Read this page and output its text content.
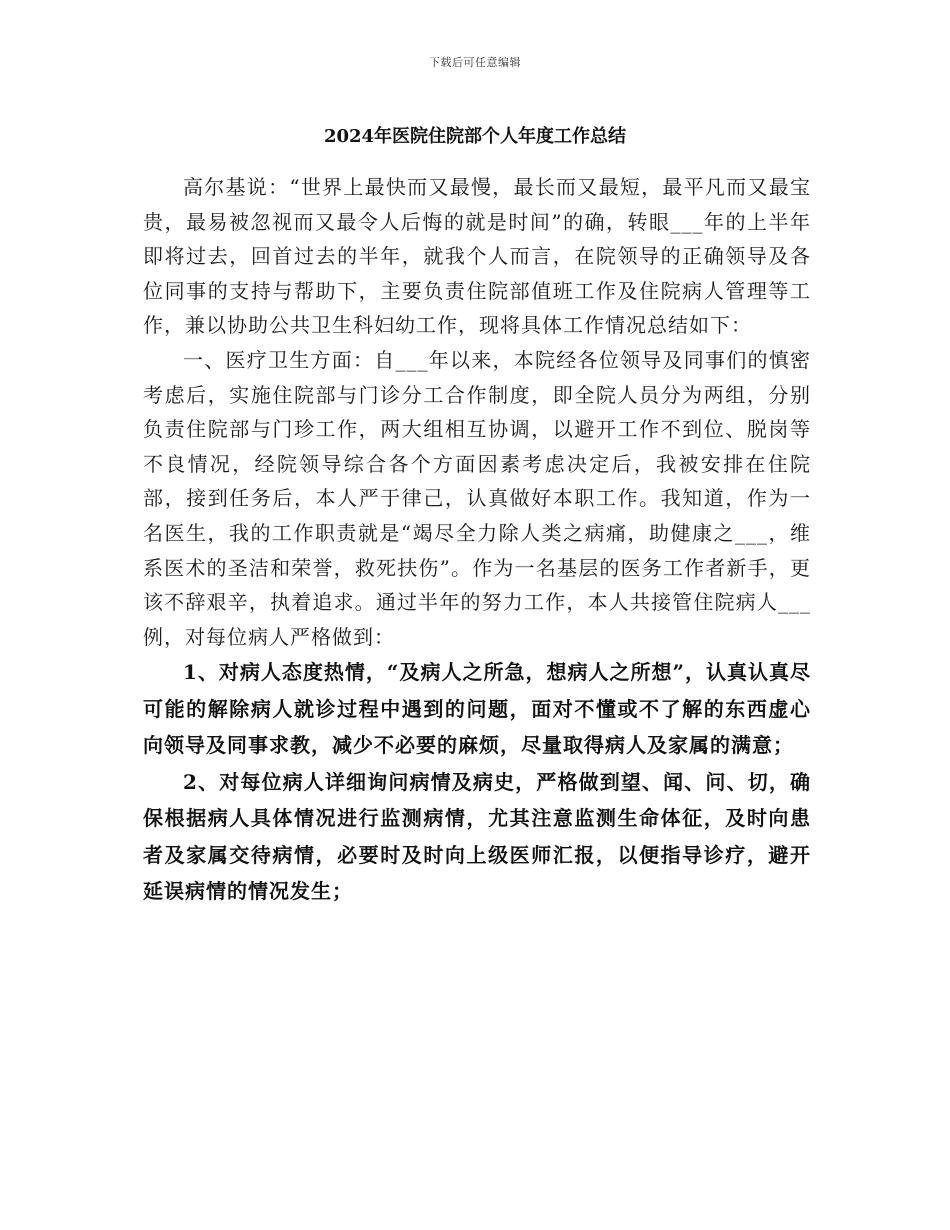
下载后可任意编辑
2024年医院住院部个人年度工作总结

高尔基说：“世界上最快而又最慢，最长而又最短，最平凡而又最宝贵，最易被忽视而又最令人后悔的就是时间”的确，转眼___年的上半年即将过去，回首过去的半年，就我个人而言，在院领导的正确领导及各位同事的支持与帮助下，主要负责住院部值班工作及住院病人管理等工作，兼以协助公共卫生科妇幼工作，现将具体工作情况总结如下：

一、医疗卫生方面：自___年以来，本院经各位领导及同事们的慎密考虑后，实施住院部与门诊分工合作制度，即全院人员分为两组，分别负责住院部与门珍工作，两大组相互协调，以避开工作不到位、脱岗等不良情况，经院领导综合各个方面因素考虑决定后，我被安排在住院部，接到任务后，本人严于律己，认真做好本职工作。我知道，作为一名医生，我的工作职责就是“竭尽全力除人类之病痛，助健康之___，维系医术的圣洁和荣誉，救死扶伤”。作为一名基层的医务工作者新手，更该不辞艰辛，执着追求。通过半年的努力工作，本人共接管住院病人___例，对每位病人严格做到：

1、对病人态度热情，“及病人之所急，想病人之所想”，认真认真尽可能的解除病人就诊过程中遇到的问题，面对不懂或不了解的东西虚心向领导及同事求教，减少不必要的麻烦，尽量取得病人及家属的满意；

2、对每位病人详细询问病情及病史，严格做到望、闻、问、切，确保根据病人具体情况进行监测病情，尤其注意监测生命体征，及时向患者及家属交待病情，必要时及时向上级医师汇报，以便指导诊疗，避开延误病情的情况发生；
